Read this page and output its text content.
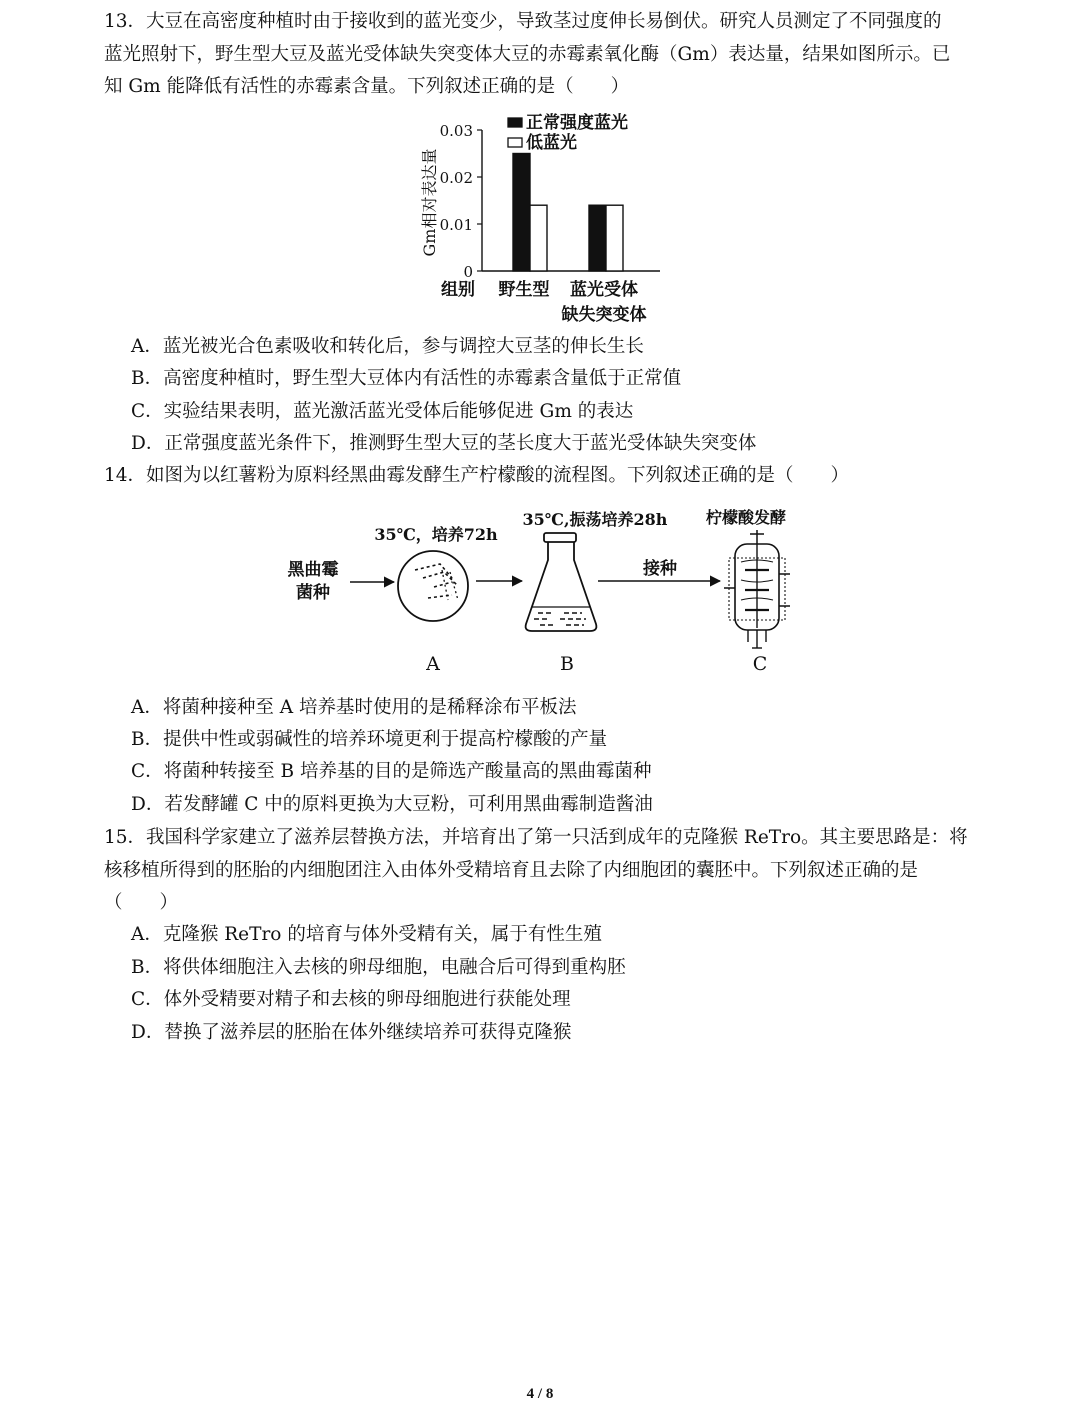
13．大豆在高密度种植时由于接收到的蓝光变少，导致茎过度伸长易倒伏。研究人员测定了不同强度的
蓝光照射下，野生型大豆及蓝光受体缺失突变体大豆的赤霉素氧化酶（Gm）表达量，结果如图所示。已
知 Gm 能降低有活性的赤霉素含量。下列叙述正确的是（　　）
0
0.01
0.02
0.03
Gm相对表达量
野生型 蓝光受体
缺失突变体
组别
正常强度蓝光
低蓝光
A．蓝光被光合色素吸收和转化后，参与调控大豆茎的伸长生长
B．高密度种植时，野生型大豆体内有活性的赤霉素含量低于正常值
C．实验结果表明，蓝光激活蓝光受体后能够促进 Gm 的表达
D．正常强度蓝光条件下，推测野生型大豆的茎长度大于蓝光受体缺失突变体
14．如图为以红薯粉为原料经黑曲霉发酵生产柠檬酸的流程图。下列叙述正确的是（　　）
黑曲霉
菌种
35℃，培养72h
35℃,振荡培养28h
接种
柠檬酸发酵
A	B	C
A．将菌种接种至 A 培养基时使用的是稀释涂布平板法
B．提供中性或弱碱性的培养环境更利于提高柠檬酸的产量
C．将菌种转接至 B 培养基的目的是筛选产酸量高的黑曲霉菌种
D．若发酵罐 C 中的原料更换为大豆粉，可利用黑曲霉制造酱油
15．我国科学家建立了滋养层替换方法，并培育出了第一只活到成年的克隆猴 ReTro。其主要思路是：将
核移植所得到的胚胎的内细胞团注入由体外受精培育且去除了内细胞团的囊胚中。下列叙述正确的是
（　　）
A．克隆猴 ReTro 的培育与体外受精有关，属于有性生殖
B．将供体细胞注入去核的卵母细胞，电融合后可得到重构胚
C．体外受精要对精子和去核的卵母细胞进行获能处理
D．替换了滋养层的胚胎在体外继续培养可获得克隆猴
4 / 8
